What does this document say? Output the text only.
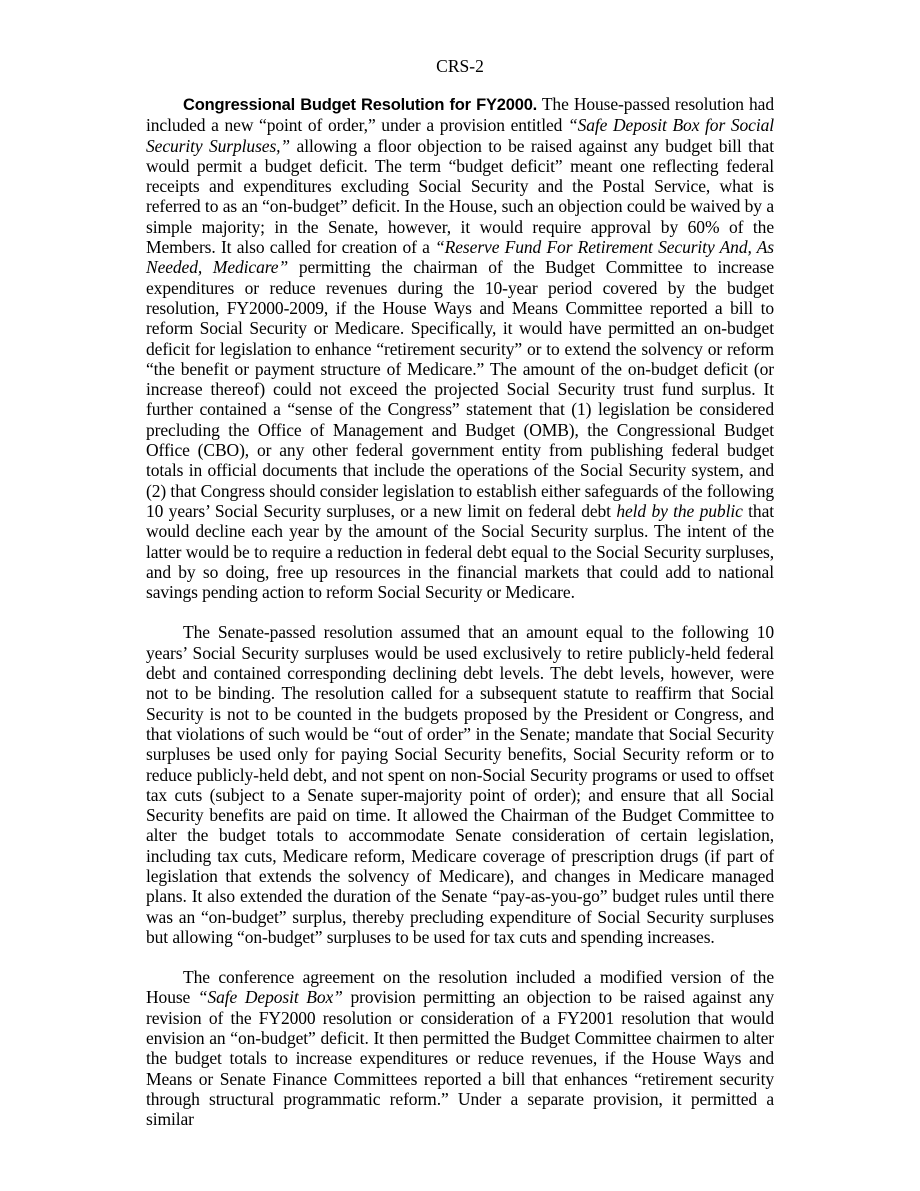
CRS-2

Congressional Budget Resolution for FY2000. The House-passed resolution had included a new “point of order,” under a provision entitled “Safe Deposit Box for Social Security Surpluses,” allowing a floor objection to be raised against any budget bill that would permit a budget deficit. The term “budget deficit” meant one reflecting federal receipts and expenditures excluding Social Security and the Postal Service, what is referred to as an “on-budget” deficit. In the House, such an objection could be waived by a simple majority; in the Senate, however, it would require approval by 60% of the Members. It also called for creation of a “Reserve Fund For Retirement Security And, As Needed, Medicare” permitting the chairman of the Budget Committee to increase expenditures or reduce revenues during the 10-year period covered by the budget resolution, FY2000-2009, if the House Ways and Means Committee reported a bill to reform Social Security or Medicare. Specifically, it would have permitted an on-budget deficit for legislation to enhance “retirement security” or to extend the solvency or reform “the benefit or payment structure of Medicare.” The amount of the on-budget deficit (or increase thereof) could not exceed the projected Social Security trust fund surplus. It further contained a “sense of the Congress” statement that (1) legislation be considered precluding the Office of Management and Budget (OMB), the Congressional Budget Office (CBO), or any other federal government entity from publishing federal budget totals in official documents that include the operations of the Social Security system, and (2) that Congress should consider legislation to establish either safeguards of the following 10 years’ Social Security surpluses, or a new limit on federal debt held by the public that would decline each year by the amount of the Social Security surplus. The intent of the latter would be to require a reduction in federal debt equal to the Social Security surpluses, and by so doing, free up resources in the financial markets that could add to national savings pending action to reform Social Security or Medicare.

The Senate-passed resolution assumed that an amount equal to the following 10 years’ Social Security surpluses would be used exclusively to retire publicly-held federal debt and contained corresponding declining debt levels. The debt levels, however, were not to be binding. The resolution called for a subsequent statute to reaffirm that Social Security is not to be counted in the budgets proposed by the President or Congress, and that violations of such would be “out of order” in the Senate; mandate that Social Security surpluses be used only for paying Social Security benefits, Social Security reform or to reduce publicly-held debt, and not spent on non-Social Security programs or used to offset tax cuts (subject to a Senate super-majority point of order); and ensure that all Social Security benefits are paid on time. It allowed the Chairman of the Budget Committee to alter the budget totals to accommodate Senate consideration of certain legislation, including tax cuts, Medicare reform, Medicare coverage of prescription drugs (if part of legislation that extends the solvency of Medicare), and changes in Medicare managed plans. It also extended the duration of the Senate “pay-as-you-go” budget rules until there was an “on-budget” surplus, thereby precluding expenditure of Social Security surpluses but allowing “on-budget” surpluses to be used for tax cuts and spending increases.

The conference agreement on the resolution included a modified version of the House “Safe Deposit Box” provision permitting an objection to be raised against any revision of the FY2000 resolution or consideration of a FY2001 resolution that would envision an “on-budget” deficit. It then permitted the Budget Committee chairmen to alter the budget totals to increase expenditures or reduce revenues, if the House Ways and Means or Senate Finance Committees reported a bill that enhances “retirement security through structural programmatic reform.” Under a separate provision, it permitted a similar
